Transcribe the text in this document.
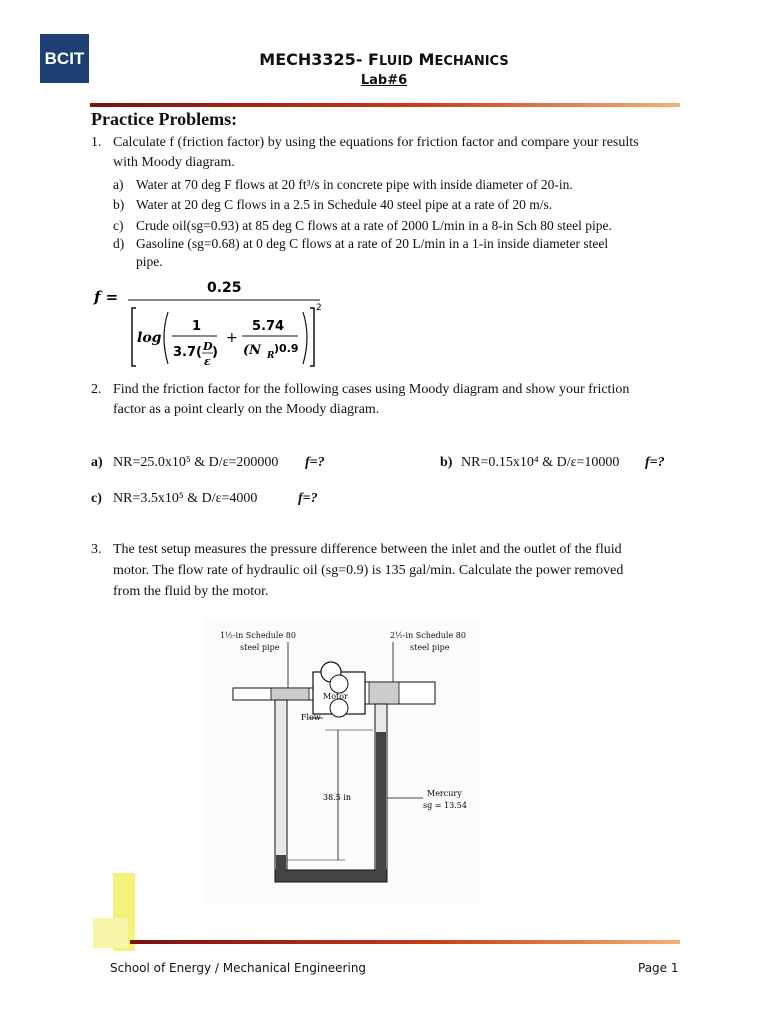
BCIT	MECH3325- FLUID MECHANICS
Lab#6
Practice Problems:
1. Calculate f (friction factor) by using the equations for friction factor and compare your results
with Moody diagram.
a) Water at 70 deg F flows at 20 ft³/s in concrete pipe with inside diameter of 20-in.
b) Water at 20 deg C flows in a 2.5 in Schedule 40 steel pipe at a rate of 20 m/s.
c) Crude oil(sg=0.93) at 85 deg C flows at a rate of 2000 L/min in a 8-in Sch 80 steel pipe.
d) Gasoline (sg=0.68) at 0 deg C flows at a rate of 20 L/min in a 1-in inside diameter steel
pipe.
f =	0.25
2
log
1
3.7( D
ε
)
+
5.74
(N R
)0.9
2. Find the friction factor for the following cases using Moody diagram and show your friction
factor as a point clearly on the Moody diagram.
a) NR=25.0x10⁵ & D/ε=200000 f=?	b) NR=0.15x10⁴ & D/ε=10000 f=?
c) NR=3.5x10⁵ & D/ε=4000	f=?
3. The test setup measures the pressure difference between the inlet and the outlet of the fluid
motor. The flow rate of hydraulic oil (sg=0.9) is 135 gal/min. Calculate the power removed
from the fluid by the motor.
1½-in Schedule 80
steel pipe
2½-in Schedule 80
steel pipe
Motor
Flow
38.5 in	Mercury
sg = 13.54
School of Energy / Mechanical Engineering	Page 1
